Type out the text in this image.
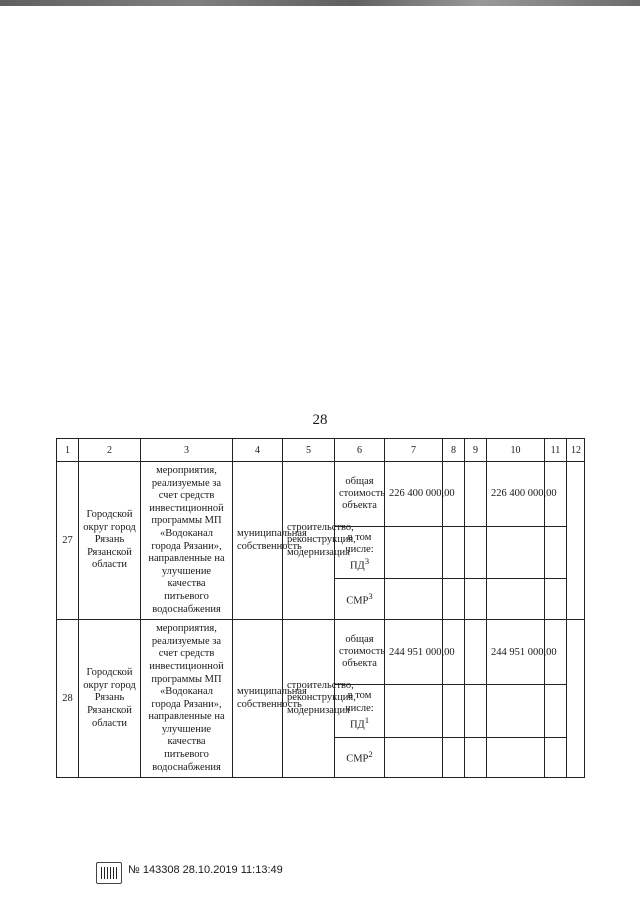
28
1	2	3	4	5	6	7	8	9	10	11	12
27	Городской округ город Рязань Рязанской области	мероприятия, реализуемые за счет средств инвестиционной программы МП «Водоканал города Рязани», направленные на улучшение качества питьевого водоснабжения	муниципальная собственность	строительство, реконструкция, модернизация	общая стоимость объекта	226 400 000,00			226 400 000,00		
					в том числе: $ПД^3$					
					СМР$^3$					
28	Городской округ город Рязань Рязанской области	мероприятия, реализуемые за счет средств инвестиционной программы МП «Водоканал города Рязани», направленные на улучшение качества питьевого водоснабжения	муниципальная собственность	строительство, реконструкция, модернизация	общая стоимость объекта	244 951 000,00			244 951 000,00		
					в том числе: $ПД^1$					
					СМР$^2$					
№ 143308 28.10.2019 11:13:49
